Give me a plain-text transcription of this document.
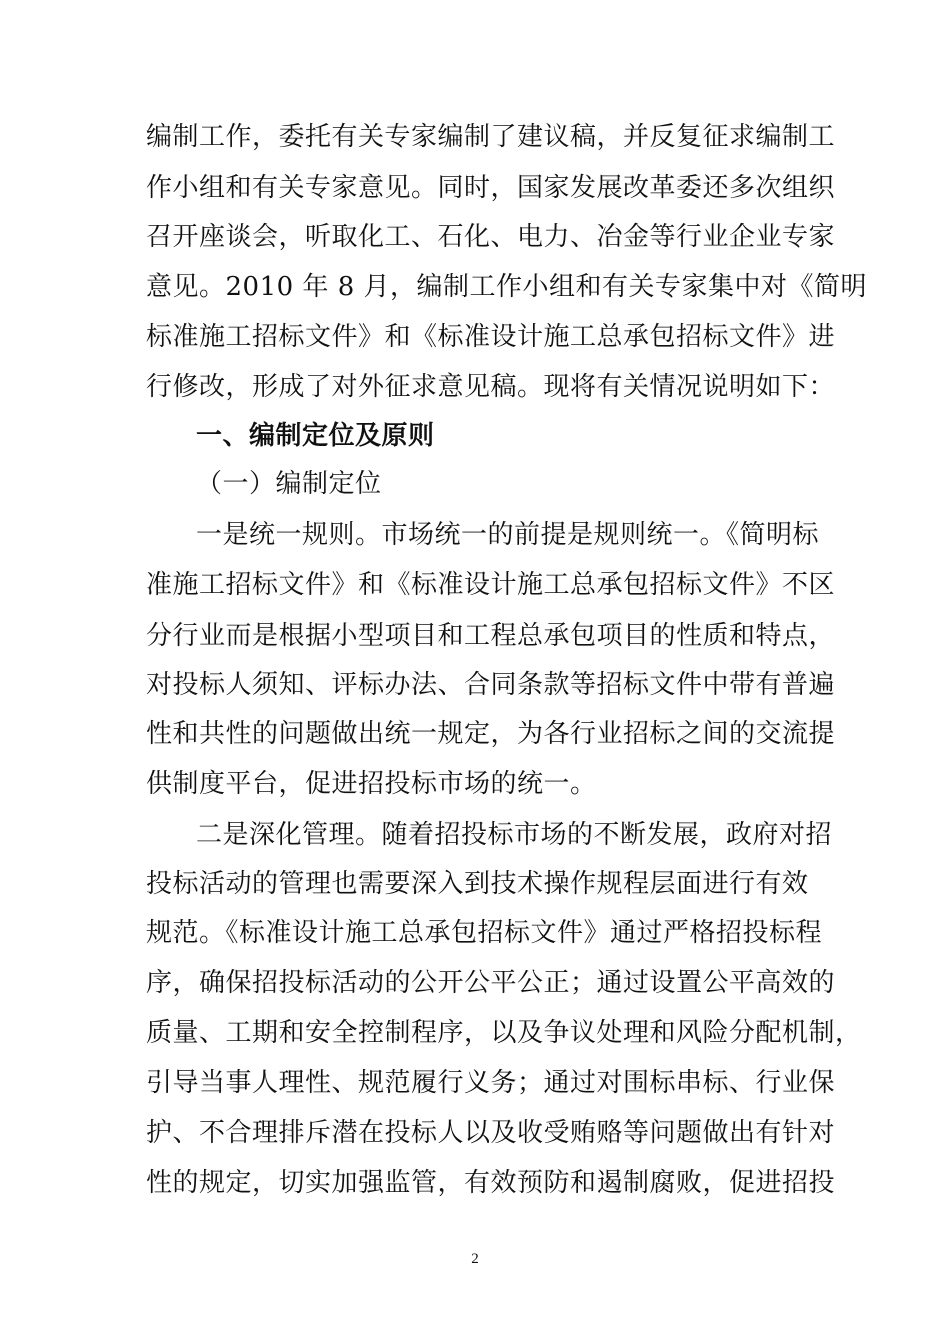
编制工作，委托有关专家编制了建议稿，并反复征求编制工
作小组和有关专家意见。同时，国家发展改革委还多次组织
召开座谈会，听取化工、石化、电力、冶金等行业企业专家
意见。2010 年 8 月，编制工作小组和有关专家集中对《简明
标准施工招标文件》和《标准设计施工总承包招标文件》进
行修改，形成了对外征求意见稿。现将有关情况说明如下：
一、编制定位及原则
（一）编制定位
一是统一规则。市场统一的前提是规则统一。《简明标
准施工招标文件》和《标准设计施工总承包招标文件》不区
分行业而是根据小型项目和工程总承包项目的性质和特点，
对投标人须知、评标办法、合同条款等招标文件中带有普遍
性和共性的问题做出统一规定，为各行业招标之间的交流提
供制度平台，促进招投标市场的统一。
二是深化管理。随着招投标市场的不断发展，政府对招
投标活动的管理也需要深入到技术操作规程层面进行有效
规范。《标准设计施工总承包招标文件》通过严格招投标程
序，确保招投标活动的公开公平公正；通过设置公平高效的
质量、工期和安全控制程序，以及争议处理和风险分配机制，
引导当事人理性、规范履行义务；通过对围标串标、行业保
护、不合理排斥潜在投标人以及收受贿赂等问题做出有针对
性的规定，切实加强监管，有效预防和遏制腐败，促进招投
2
